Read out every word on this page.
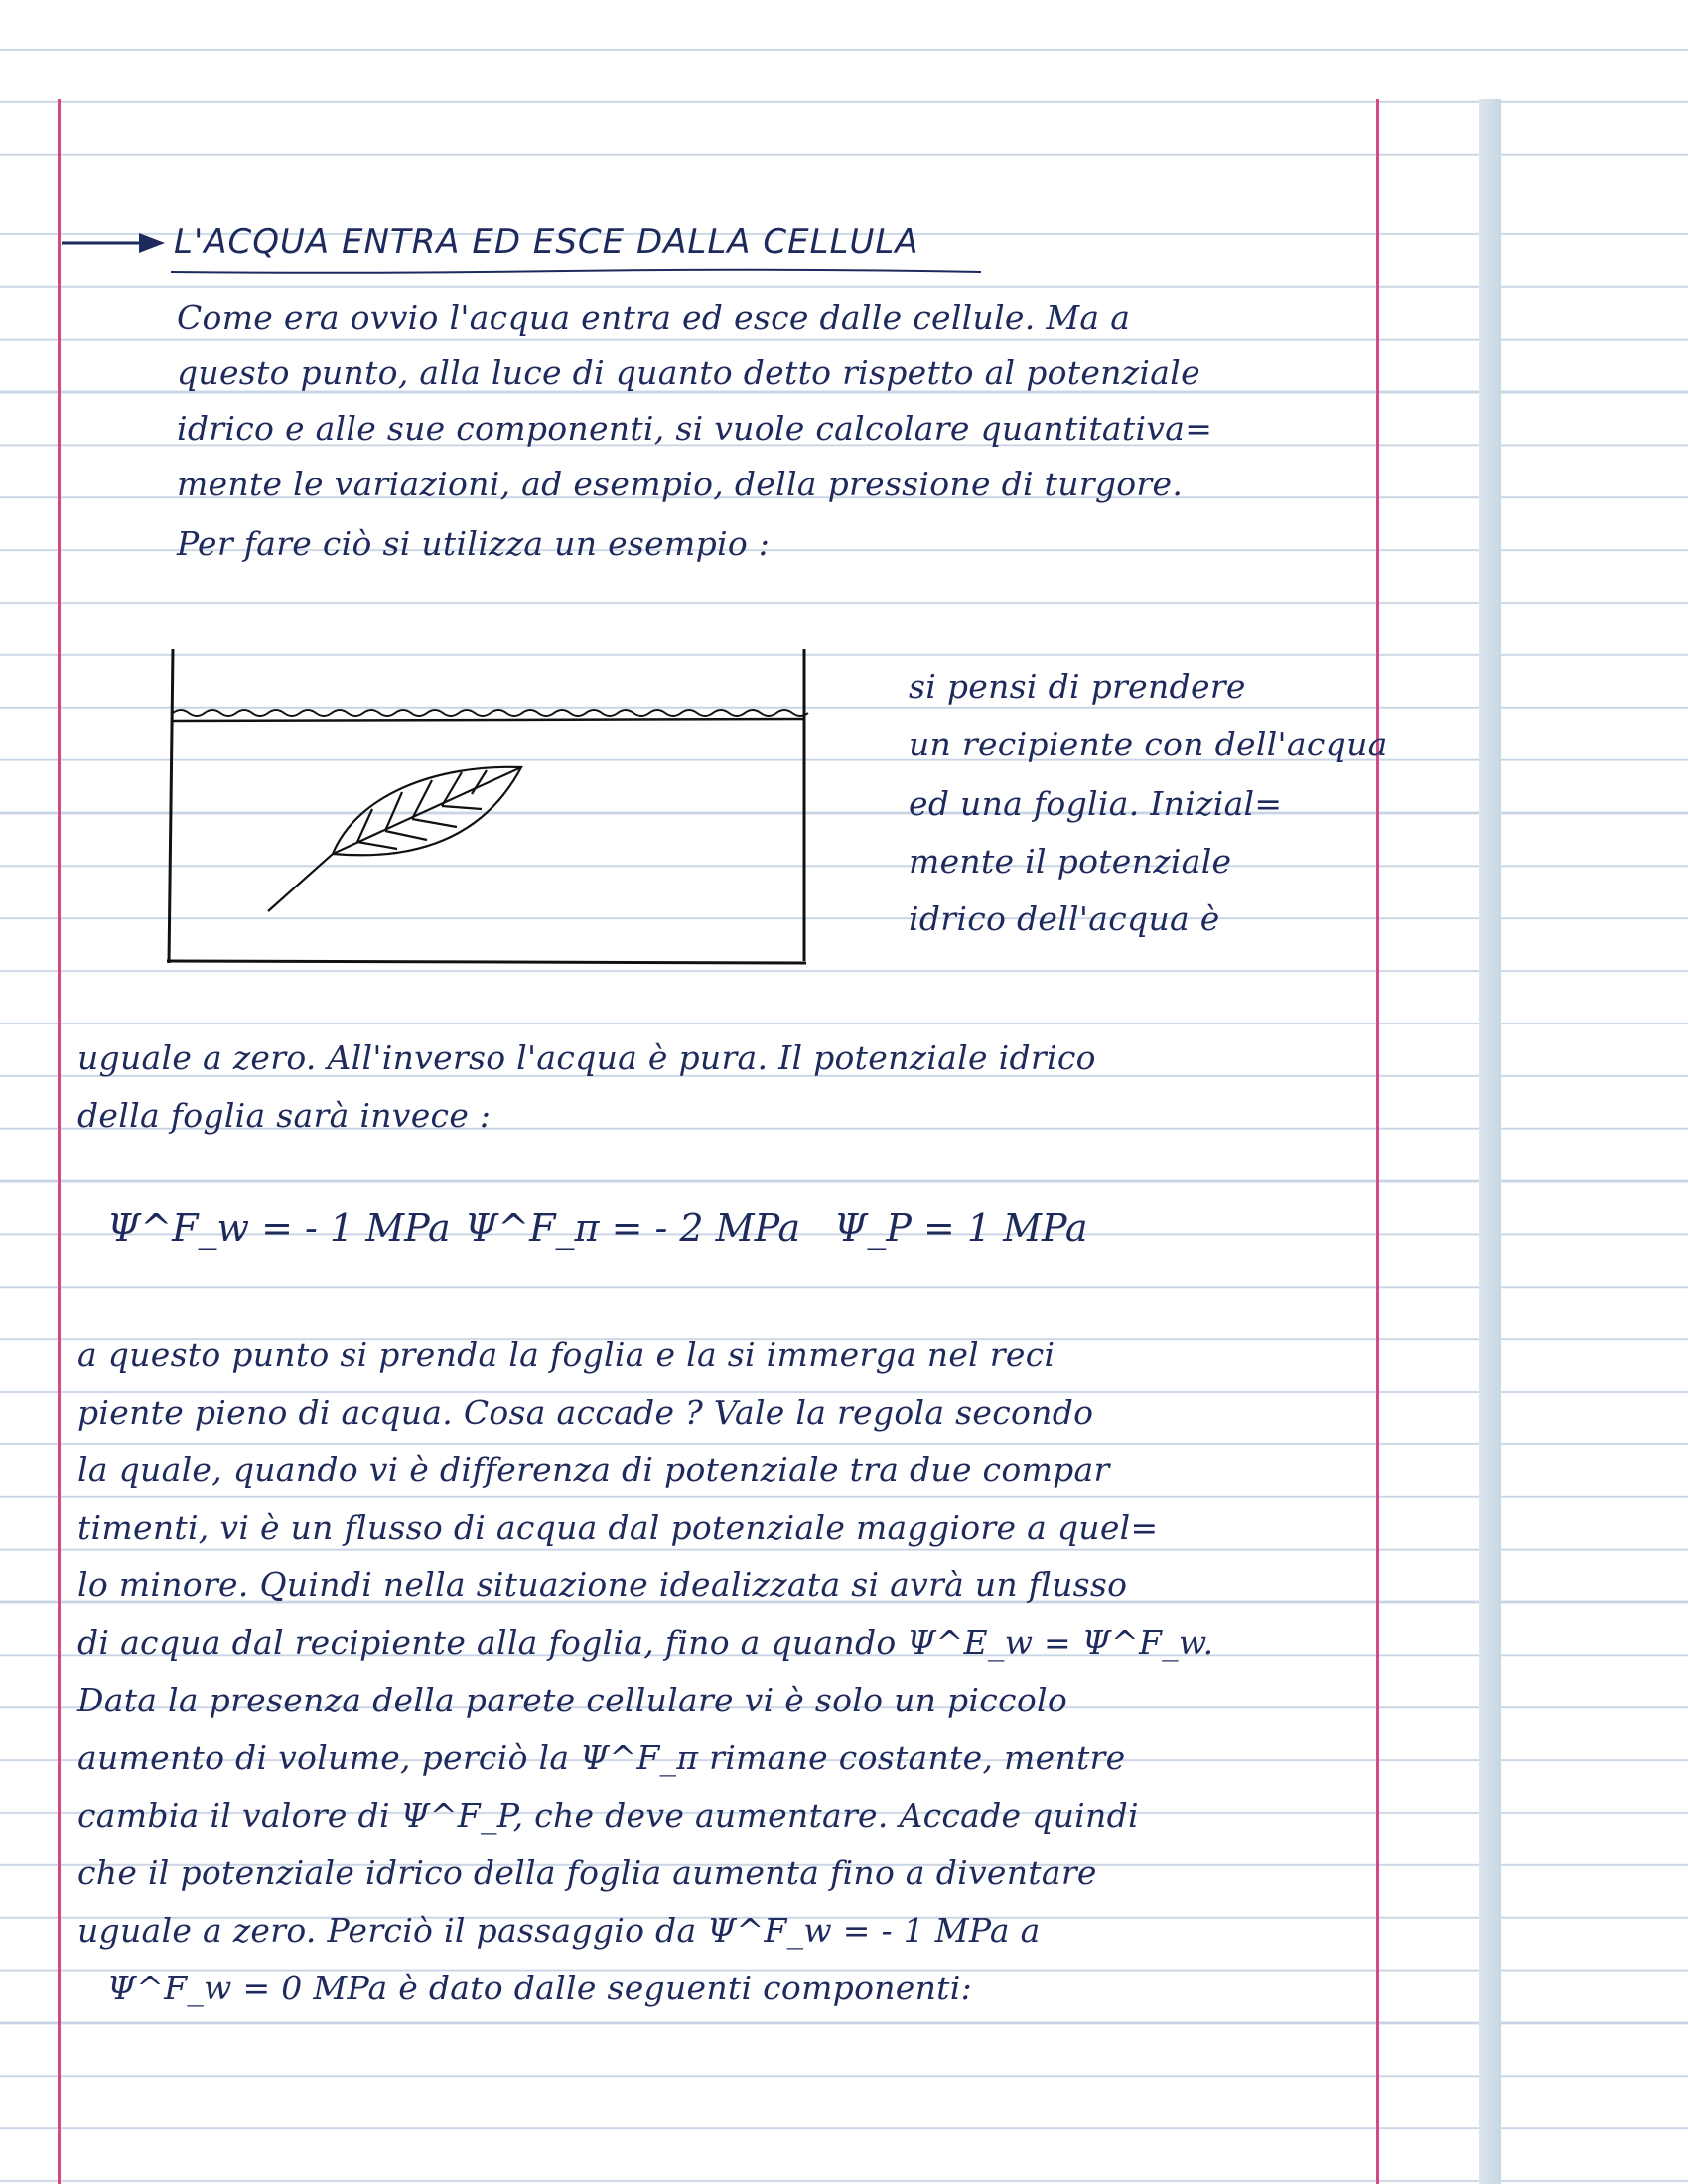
L'ACQUA ENTRA ED ESCE DALLA CELLULA
Come era ovvio l'acqua entra ed esce dalle cellule. Ma a
questo punto, alla luce di quanto detto rispetto al potenziale
idrico e alle sue componenti, si vuole calcolare quantitativa=
mente le variazioni, ad esempio, della pressione di turgore.
Per fare ciò si utilizza un esempio :
si pensi di prendere
un recipiente con dell'acqua
ed una foglia. Inizial=
mente il potenziale
idrico dell'acqua è
uguale a zero. All'inverso l'acqua è pura. Il potenziale idrico
della foglia sarà invece :
Ψ^F_w = - 1 MPa Ψ^F_π = - 2 MPa Ψ_P = 1 MPa
a questo punto si prenda la foglia e la si immerga nel reci
piente pieno di acqua. Cosa accade ? Vale la regola secondo
la quale, quando vi è differenza di potenziale tra due compar
timenti, vi è un flusso di acqua dal potenziale maggiore a quel=
lo minore. Quindi nella situazione idealizzata si avrà un flusso
di acqua dal recipiente alla foglia, fino a quando Ψ^E_w = Ψ^F_w.
Data la presenza della parete cellulare vi è solo un piccolo
aumento di volume, perciò la Ψ^F_π rimane costante, mentre
cambia il valore di Ψ^F_P, che deve aumentare. Accade quindi
che il potenziale idrico della foglia aumenta fino a diventare
uguale a zero. Perciò il passaggio da Ψ^F_w = - 1 MPa a
Ψ^F_w = 0 MPa è dato dalle seguenti componenti:
